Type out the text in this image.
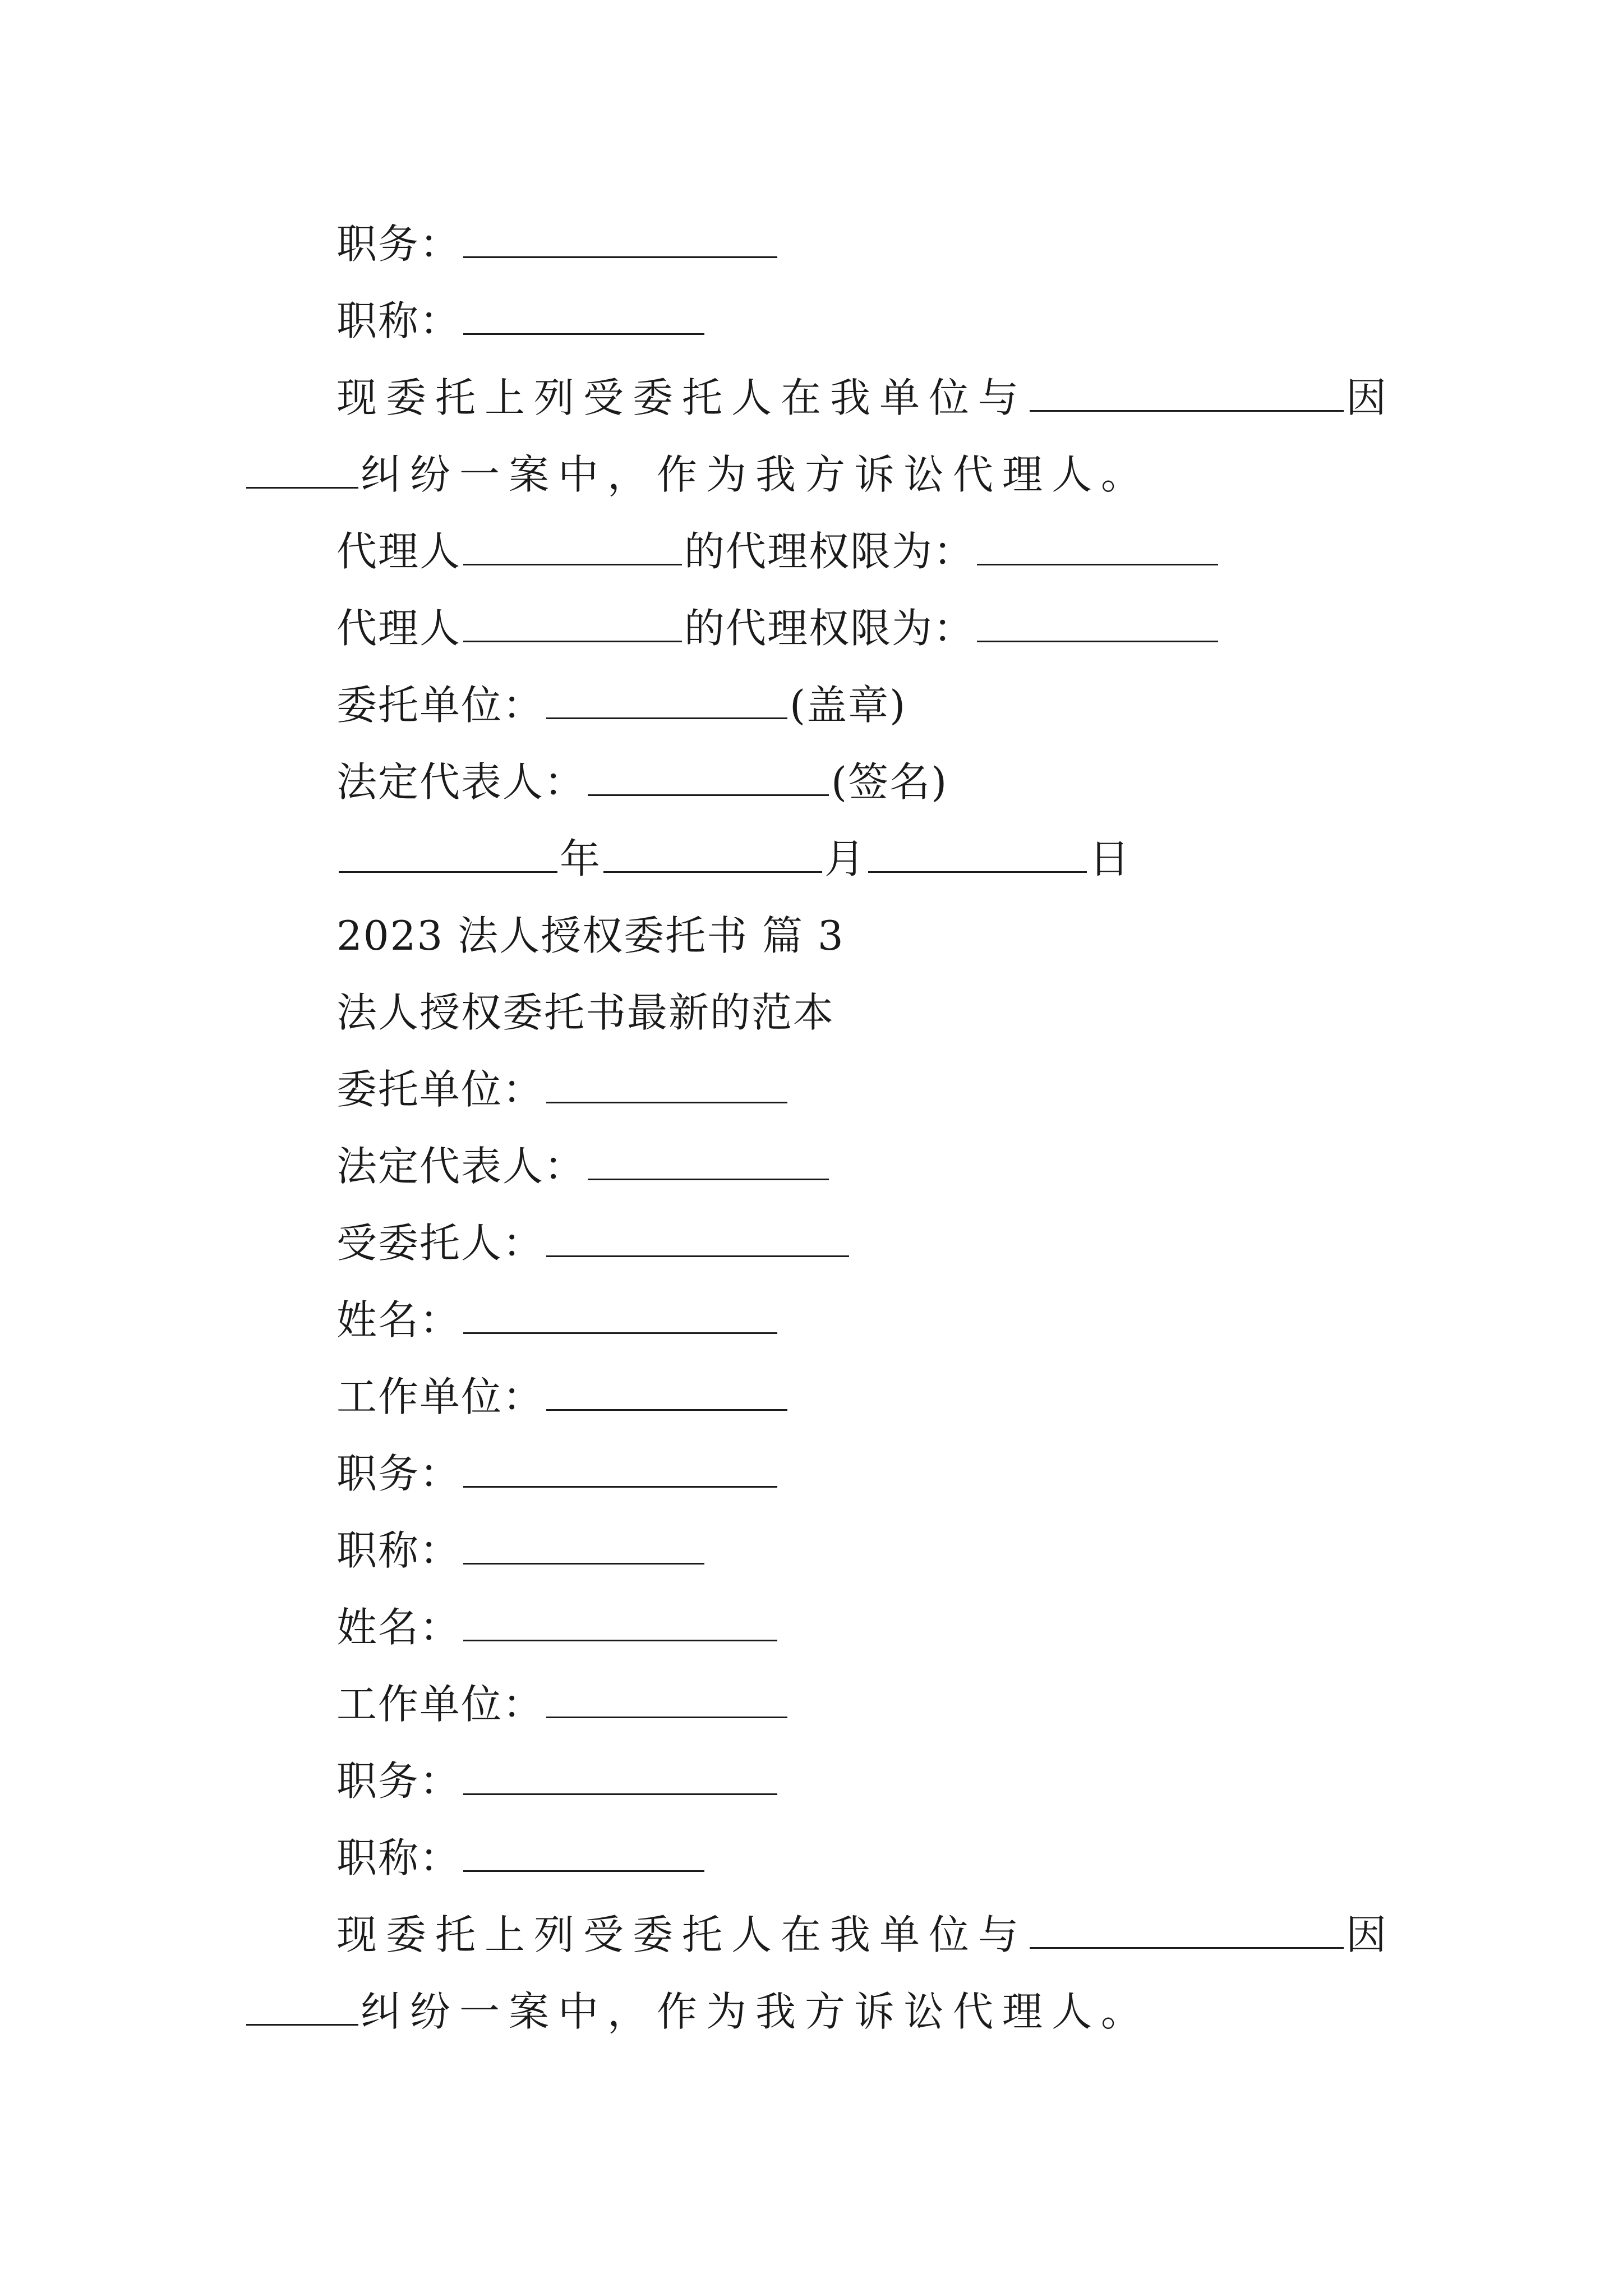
职务：
职称：
现委托上列受委托人在我单位与	因
纠纷一案中，作为我方诉讼代理人。
代理人	的代理权限为：
代理人	的代理权限为：
委托单位：	(盖章)
法定代表人：	(签名)
年	月	日
2023 法人授权委托书 篇 3
法人授权委托书最新的范本
委托单位：
法定代表人：
受委托人：
姓名：
工作单位：
职务：
职称：
姓名：
工作单位：
职务：
职称：
现委托上列受委托人在我单位与	因
纠纷一案中，作为我方诉讼代理人。
